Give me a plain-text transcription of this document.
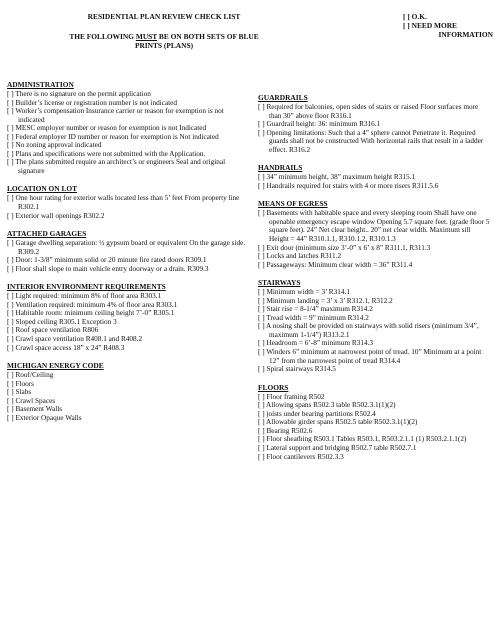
RESIDENTIAL PLAN REVIEW CHECK LIST
THE FOLLOWING MUST BE ON BOTH SETS OF BLUE
PRINTS (PLANS)
[ ] O.K.
[ ] NEED MORE
INFORMATION
ADMINISTRATION
[ ] There is no signature on the permit application
[ ] Builder’s license or registration number is not indicated
[ ] Worker’s compensation Insurance carrier or reason for exemption is not indicated
[ ] MESC employer number or reason for exemption is not Indicated
[ ] Federal employer ID number or reason for exemption is Not indicated
[ ] No zoning approval indicated
[ ] Plans and specifications were not submitted with the Application.
[ ] The plans submitted require an architect’s or engineers Seal and original signature
LOCATION ON LOT
[ ] One hour rating for exterior walls located less than 5’ feet From property line R302.1
[ ] Exterior wall openings R302.2
ATTACHED GARAGES
[ ] Garage dwelling separation: ½ gypsum board or equivalent On the garage side. R309.2
[ ] Door: 1-3/8” minimum solid or 20 minute fire rated doors R309.1
[ ] Floor shall slope to main vehicle entry doorway or a drain. R309.3
INTERIOR ENVIRONMENT REQUIREMENTS
[ ] Light required: minimum 8% of floor area R303.1
[ ] Ventilation required: minimum 4% of floor area R303.1
[ ] Habitable room: minimum ceiling height 7’-0” R305.1
[ ] Sloped ceiling R305.1 Exception 3
[ ] Roof space ventilation R806
[ ] Crawl space ventilation R408.1 and R408.2
[ ] Crawl space access 18” x 24” R408.3
MICHIGAN ENERGY CODE
[ ] Roof/Ceiling
[ ] Floors
[ ] Slabs
[ ] Crawl Spaces
[ ] Basement Walls
[ ] Exterior Opaque Walls
GUARDRAILS
[ ] Required for balconies, open sides of stairs or raised Floor surfaces more than 30” above floor R316.1
[ ] Guardrail height: 36: minimum R316.1
[ ] Opening limitations: Such that a 4” sphere cannot Penetrate it. Required guards shall not be constructed With horizontal rails that result in a ladder effect. R316.2
HANDRAILS
[ ] 34” minimum height, 38” maximum height R315.1
[ ] Handrails required for stairs with 4 or more risers R311.5.6
MEANS OF EGRESS
[ ] Basements with habitable space and every sleeping room Shall have one openable emergency escape window Opening 5.7 square feet. (grade floor 5 square feet). 24” Net clear height.. 20” net clear width. Maximum sill Height = 44” R310.1.1, R310.1.2, R310.1.3
[ ] Exit door (minimum size 3’-0” x 6’ x 8” R311.1, R311.3
[ ] Locks and latches R311.2
[ ] Passageways: Minimum clear width = 36” R311.4
STAIRWAYS
[ ] Minimum width = 3’ R314.1
[ ] Minimum landing = 3’ x 3’ R312.1, R312.2
[ ] Stair rise = 8-1/4” maximum R314.2
[ ] Tread width = 9” minimum R314.2
[ ] A nosing shall be provided on stairways with solid risers (minimum 3/4”, maximum 1-1/4”) R313.2.1
[ ] Headroom = 6’-8” minimum R314.3
[ ] Winders 6” minimum at narrowest point of tread. 10” Minimum at a point 12” from the narrowest point of tread R314.4
[ ] Spiral stairways R314.5
FLOORS
[ ] Floor framing R502
[ ] Allowing spans R502.3 table R502.3.1(1)(2)
[ ] joists under bearing partitions R502.4
[ ] Allowable girder spans R502.5 table R502.3.1(1)(2)
[ ] Bearing R502.6
[ ] Floor sheathing R503.1 Tables R503.1, R503.2.1.1 (1) R503.2.1.1(2)
[ ] Lateral support and bridging R502.7 table R502.7.1
[ ] Floor cantilevers R502.3.3
